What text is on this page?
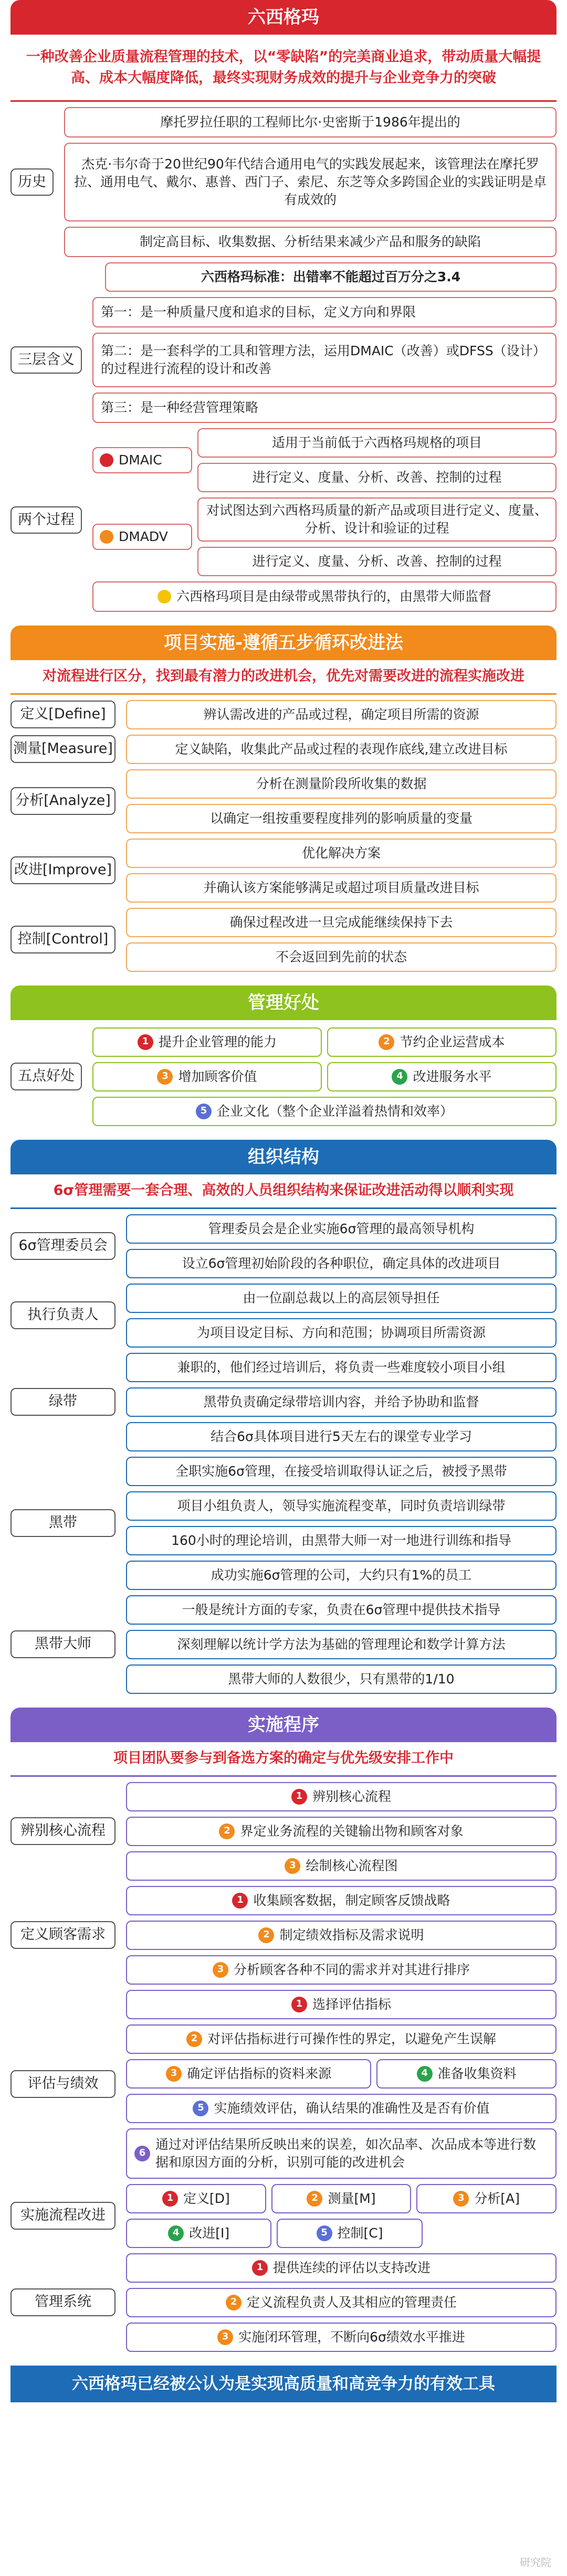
六西格玛
一种改善企业质量流程管理的技术，以“零缺陷”的完美商业追求，带动质量大幅提高、成本大幅度降低，最终实现财务成效的提升与企业竞争力的突破
历史
摩托罗拉任职的工程师比尔·史密斯于1986年提出的
杰克·韦尔奇于20世纪90年代结合通用电气的实践发展起来，该管理法在摩托罗拉、通用电气、戴尔、惠普、西门子、索尼、东芝等众多跨国企业的实践证明是卓有成效的
制定高目标、收集数据、分析结果来减少产品和服务的缺陷
六西格玛标准：出错率不能超过百万分之3.4
三层含义
第一：是一种质量尺度和追求的目标，定义方向和界限
第二：是一套科学的工具和管理方法，运用DMAIC（改善）或DFSS（设计）的过程进行流程的设计和改善
第三：是一种经营管理策略
两个过程
DMAIC
适用于当前低于六西格玛规格的项目
进行定义、度量、分析、改善、控制的过程
DMADV
对试图达到六西格玛质量的新产品或项目进行定义、度量、分析、设计和验证的过程
进行定义、度量、分析、改善、控制的过程
六西格玛项目是由绿带或黑带执行的，由黑带大师监督
项目实施-遵循五步循环改进法
对流程进行区分，找到最有潜力的改进机会，优先对需要改进的流程实施改进
定义[Define]	辨认需改进的产品或过程，确定项目所需的资源
测量[Measure]	定义缺陷，收集此产品或过程的表现作底线,建立改进目标
分析[Analyze]
分析在测量阶段所收集的数据
以确定一组按重要程度排列的影响质量的变量
改进[Improve]
优化解决方案
并确认该方案能够满足或超过项目质量改进目标
控制[Control]
确保过程改进一旦完成能继续保持下去
不会返回到先前的状态
管理好处
五点好处
1 提升企业管理的能力	2 节约企业运营成本
3 增加顾客价值	4 改进服务水平
5 企业文化（整个企业洋溢着热情和效率）
组织结构
6σ管理需要一套合理、高效的人员组织结构来保证改进活动得以顺利实现
6σ管理委员会
管理委员会是企业实施6σ管理的最高领导机构
设立6σ管理初始阶段的各种职位，确定具体的改进项目
执行负责人
由一位副总裁以上的高层领导担任
为项目设定目标、方向和范围；协调项目所需资源
绿带
兼职的，他们经过培训后，将负责一些难度较小项目小组
黑带负责确定绿带培训内容，并给予协助和监督
结合6σ具体项目进行5天左右的课堂专业学习
黑带
全职实施6σ管理，在接受培训取得认证之后，被授予黑带
项目小组负责人，领导实施流程变革，同时负责培训绿带
160小时的理论培训，由黑带大师一对一地进行训练和指导
成功实施6σ管理的公司，大约只有1%的员工
黑带大师
一般是统计方面的专家，负责在6σ管理中提供技术指导
深刻理解以统计学方法为基础的管理理论和数学计算方法
黑带大师的人数很少，只有黑带的1/10
实施程序
项目团队要参与到备选方案的确定与优先级安排工作中
辨别核心流程
1 辨别核心流程
2 界定业务流程的关键输出物和顾客对象
3 绘制核心流程图
定义顾客需求
1 收集顾客数据，制定顾客反馈战略
2 制定绩效指标及需求说明
3 分析顾客各种不同的需求并对其进行排序
评估与绩效
1 选择评估指标
2 对评估指标进行可操作性的界定，以避免产生误解
3 确定评估指标的资料来源	4 准备收集资料
5 实施绩效评估，确认结果的准确性及是否有价值
6
通过对评估结果所反映出来的误差，如次品率、次品成本等进行数据和原因方面的分析，识别可能的改进机会
实施流程改进
1 定义[D]	2 测量[M]	3 分析[A]
4 改进[I]	5 控制[C]
管理系统
1 提供连续的评估以支持改进
2 定义流程负责人及其相应的管理责任
3 实施闭环管理，不断向6σ绩效水平推进
六西格玛已经被公认为是实现高质量和高竞争力的有效工具
研究院
